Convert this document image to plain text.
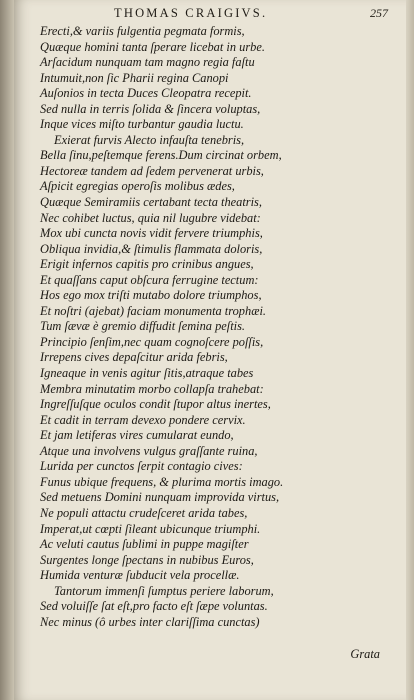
THOMAS CRAIGIVS.	257
Erecti,& variis fulgentia pegmata formis,
Quæque homini tanta ſperare licebat in urbe.
Arſacidum nunquam tam magno regia faſtu
Intumuit,non ſic Pharii regina Canopi
Auſonios in tecta Duces Cleopatra recepit.
Sed nulla in terris ſolida & ſincera voluptas,
Inque vices miſto turbantur gaudia luctu.
Exierat furvis Alecto infauſta tenebris,
Bella ſinu,peſtemque ferens.Dum circinat orbem,
Hectoreæ tandem ad ſedem pervenerat urbis,
Aſpicit egregias operoſis molibus ædes,
Quæque Semiramiis certabant tecta theatris,
Nec cohibet luctus, quia nil lugubre videbat:
Mox ubi cuncta novis vidit fervere triumphis,
Obliqua invidia,& ſtimulis flammata doloris,
Erigit infernos capitis pro crinibus angues,
Et quaſſans caput obſcura ferrugine tectum:
Hos ego mox triſti mutabo dolore triumphos,
Et noſtri (ajebat) faciam monumenta trophæi.
Tum ſævæ è gremio diffudit ſemina peſtis.
Principio ſenſim,nec quam cognoſcere poſſis,
Irrepens cives depaſcitur arida febris,
Igneaque in venis agitur ſitis,atraque tabes
Membra minutatim morbo collapſa trahebat:
Ingreſſuſque oculos condit ſtupor altus inertes,
Et cadit in terram devexo pondere cervix.
Et jam letiferas vires cumularat eundo,
Atque una involvens vulgus graſſante ruina,
Lurida per cunctos ſerpit contagio cives:
Funus ubique frequens, & plurima mortis imago.
Sed metuens Domini nunquam improvida virtus,
Ne populi attactu crudeſceret arida tabes,
Imperat,ut cœpti ſileant ubicunque triumphi.
Ac veluti cautus ſublimi in puppe magiſter
Surgentes longe ſpectans in nubibus Euros,
Humida venturæ ſubducit vela procellæ.
Tantorum immenſi ſumptus periere laborum,
Sed voluiſſe ſat eſt,pro facto eſt ſæpe voluntas.
Nec minus (ô urbes inter clariſſima cunctas)
Grata
